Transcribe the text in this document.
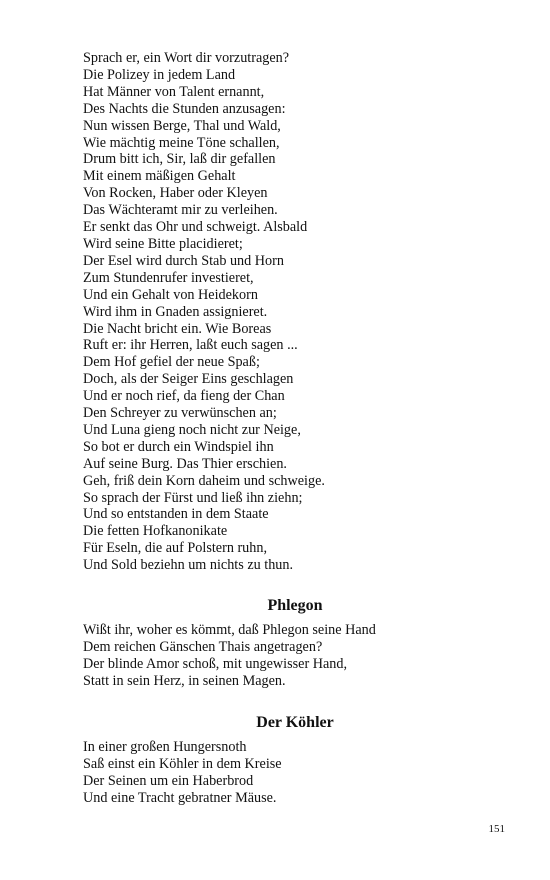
Sprach er, ein Wort dir vorzutragen?
Die Polizey in jedem Land
Hat Männer von Talent ernannt,
Des Nachts die Stunden anzusagen:
Nun wissen Berge, Thal und Wald,
Wie mächtig meine Töne schallen,
Drum bitt ich, Sir, laß dir gefallen
Mit einem mäßigen Gehalt
Von Rocken, Haber oder Kleyen
Das Wächteramt mir zu verleihen.
Er senkt das Ohr und schweigt. Alsbald
Wird seine Bitte placidieret;
Der Esel wird durch Stab und Horn
Zum Stundenrufer investieret,
Und ein Gehalt von Heidekorn
Wird ihm in Gnaden assignieret.
Die Nacht bricht ein. Wie Boreas
Ruft er: ihr Herren, laßt euch sagen ...
Dem Hof gefiel der neue Spaß;
Doch, als der Seiger Eins geschlagen
Und er noch rief, da fieng der Chan
Den Schreyer zu verwünschen an;
Und Luna gieng noch nicht zur Neige,
So bot er durch ein Windspiel ihn
Auf seine Burg. Das Thier erschien.
Geh, friß dein Korn daheim und schweige.
So sprach der Fürst und ließ ihn ziehn;
Und so entstanden in dem Staate
Die fetten Hofkanonikate
Für Eseln, die auf Polstern ruhn,
Und Sold beziehn um nichts zu thun.
Phlegon
Wißt ihr, woher es kömmt, daß Phlegon seine Hand
Dem reichen Gänschen Thais angetragen?
Der blinde Amor schoß, mit ungewisser Hand,
Statt in sein Herz, in seinen Magen.
Der Köhler
In einer großen Hungersnoth
Saß einst ein Köhler in dem Kreise
Der Seinen um ein Haberbrod
Und eine Tracht gebratner Mäuse.
151
